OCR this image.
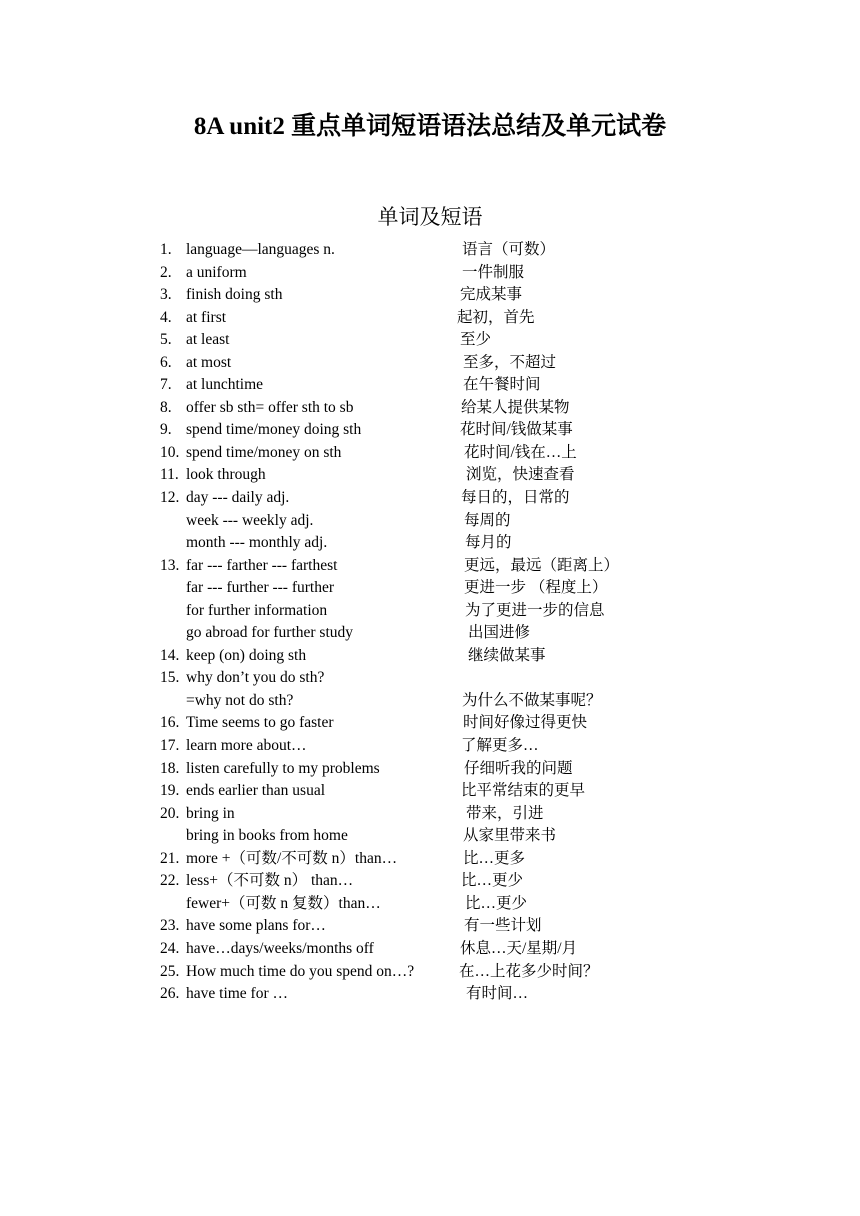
8A unit2 重点单词短语语法总结及单元试卷
单词及短语
1. language—languages n.	语言（可数）
2. a uniform	一件制服
3. finish doing sth	完成某事
4. at first	起初，首先
5. at least	至少
6. at most	至多，不超过
7. at lunchtime	在午餐时间
8. offer sb sth= offer sth to sb	给某人提供某物
9. spend time/money doing sth	花时间/钱做某事
10. spend time/money on sth	花时间/钱在…上
11. look through	浏览，快速查看
12. day --- daily adj.	每日的，日常的
week --- weekly adj.	每周的
month --- monthly adj.	每月的
13. far --- farther --- farthest	更远，最远（距离上）
far --- further --- further	更进一步 （程度上）
for further information	为了更进一步的信息
go abroad for further study	出国进修
14. keep (on) doing sth	继续做某事
15. why don’t you do sth?
=why not do sth?	为什么不做某事呢？
16. Time seems to go faster	时间好像过得更快
17. learn more about…	了解更多…
18. listen carefully to my problems	仔细听我的问题
19. ends earlier than usual	比平常结束的更早
20. bring in	带来，引进
bring in books from home	从家里带来书
21. more +（可数/不可数 n）than…	比…更多
22. less+（不可数 n） than…	比…更少
fewer+（可数 n 复数）than…	比…更少
23. have some plans for…	有一些计划
24. have…days/weeks/months off	休息…天/星期/月
25. How much time do you spend on…?	在…上花多少时间？
26. have time for …	有时间…
